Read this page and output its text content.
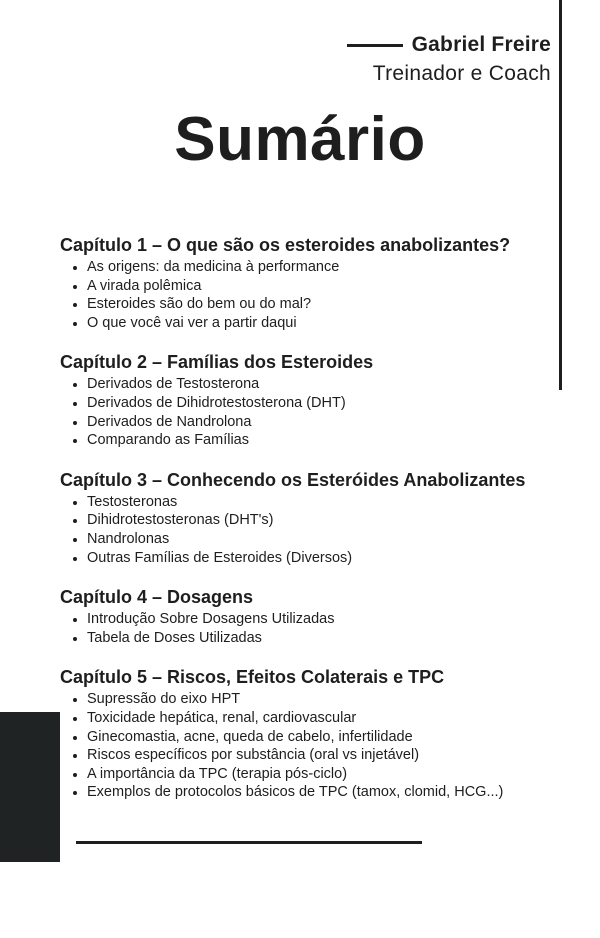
Gabriel Freire
Treinador e Coach
Sumário
Capítulo 1 – O que são os esteroides anabolizantes?
• As origens: da medicina à performance
• A virada polêmica
• Esteroides são do bem ou do mal?
• O que você vai ver a partir daqui
Capítulo 2 – Famílias dos Esteroides
• Derivados de Testosterona
• Derivados de Dihidrotestosterona (DHT)
• Derivados de Nandrolona
• Comparando as Famílias
Capítulo 3 – Conhecendo os Esteróides Anabolizantes
• Testosteronas
• Dihidrotestosteronas (DHT's)
• Nandrolonas
• Outras Famílias de Esteroides (Diversos)
Capítulo 4 – Dosagens
• Introdução Sobre Dosagens Utilizadas
• Tabela de Doses Utilizadas
Capítulo 5 – Riscos, Efeitos Colaterais e TPC
• Supressão do eixo HPT
• Toxicidade hepática, renal, cardiovascular
• Ginecomastia, acne, queda de cabelo, infertilidade
• Riscos específicos por substância (oral vs injetável)
• A importância da TPC (terapia pós-ciclo)
• Exemplos de protocolos básicos de TPC (tamox, clomid, HCG...)
